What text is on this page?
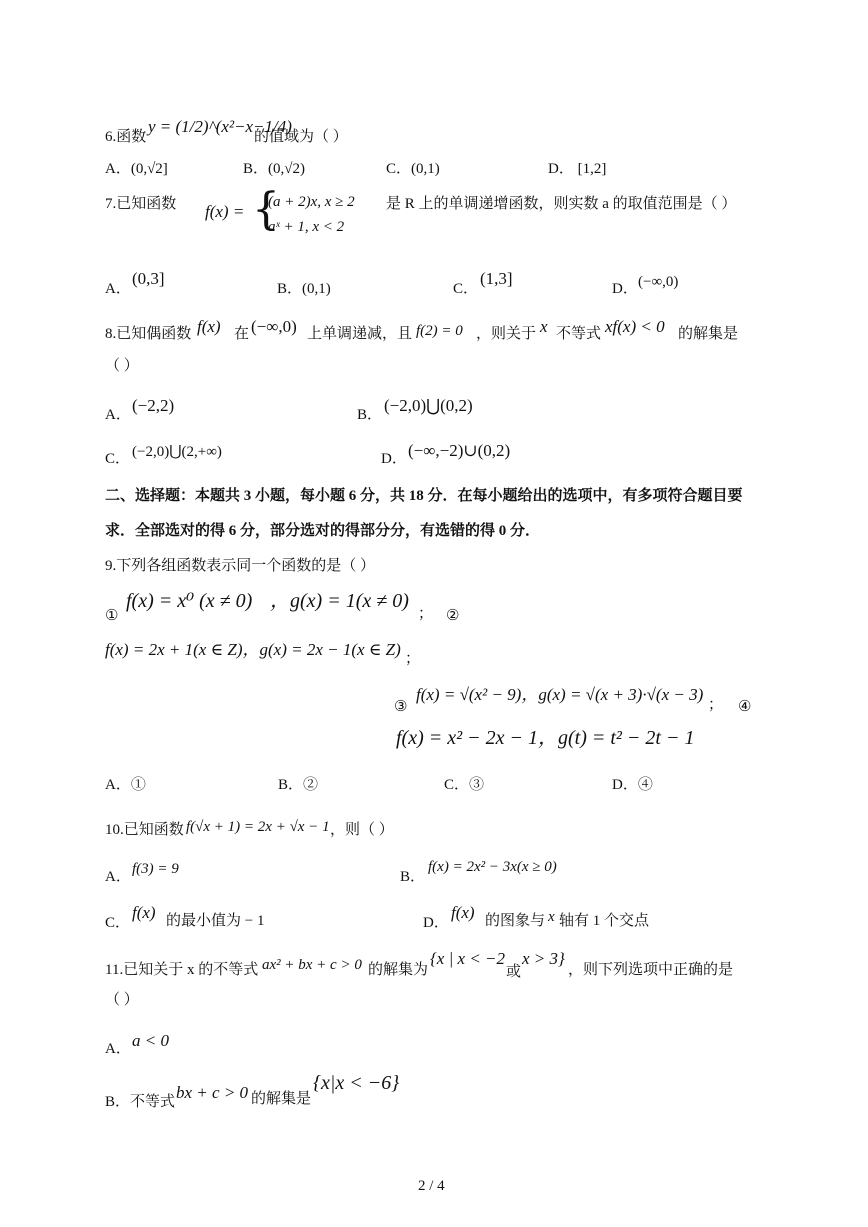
6.函数
y = (1/2)^(x²−x−1/4)
的值域为（ ）
A．(0,√2]	B．(0,√2)	C．(0,1)	D． [1,2]
7.已知函数 f(x) = {
(a + 2)x, x ≥ 2
aˣ + 1, x < 2
是 R 上的单调递增函数，则实数 a 的取值范围是（ ）
A．
(0,3]
B．(0,1)	C．
(1,3]
D． (−∞,0)
8.已知偶函数 f(x) 在 (−∞,0) 上单调递减，且 f(2) = 0 ，则关于 x 不等式 xf(x) < 0 的解集是
（ ）
A． (−2,2)	B． (−2,0)⋃(0,2)
C． (−2,0)⋃(2,+∞)	D． (−∞,−2)∪(0,2)
二、选择题：本题共 3 小题，每小题 6 分，共 18 分．在每小题给出的选项中，有多项符合题目要
求．全部选对的得 6 分，部分选对的得部分分，有选错的得 0 分．
9.下列各组函数表示同一个函数的是（ ）
①
f(x) = x⁰ (x ≠ 0) ，g(x) = 1(x ≠ 0)
； ②
f(x) = 2x + 1(x ∈ Z)，g(x) = 2x − 1(x ∈ Z) ；
③
f(x) = √(x² − 9)，g(x) = √(x + 3)·√(x − 3)
； ④
f(x) = x² − 2x − 1，g(t) = t² − 2t − 1
A．①	B．②	C．③	D．④
10.已知函数 f(√x + 1) = 2x + √x − 1 ，则（ ）
A． f(3) = 9	B．
f(x) = 2x² − 3x(x ≥ 0)
C．
f(x) 的最小值为 − 1	D．
f(x) 的图象与 x 轴有 1 个交点
11.已知关于 x 的不等式 ax² + bx + c > 0 的解集为
{x | x < −2
或
x > 3}
，则下列选项中正确的是
（ ）
A． a < 0
B．不等式 bx + c > 0 的解集是
{x|x < −6}
2 / 4
